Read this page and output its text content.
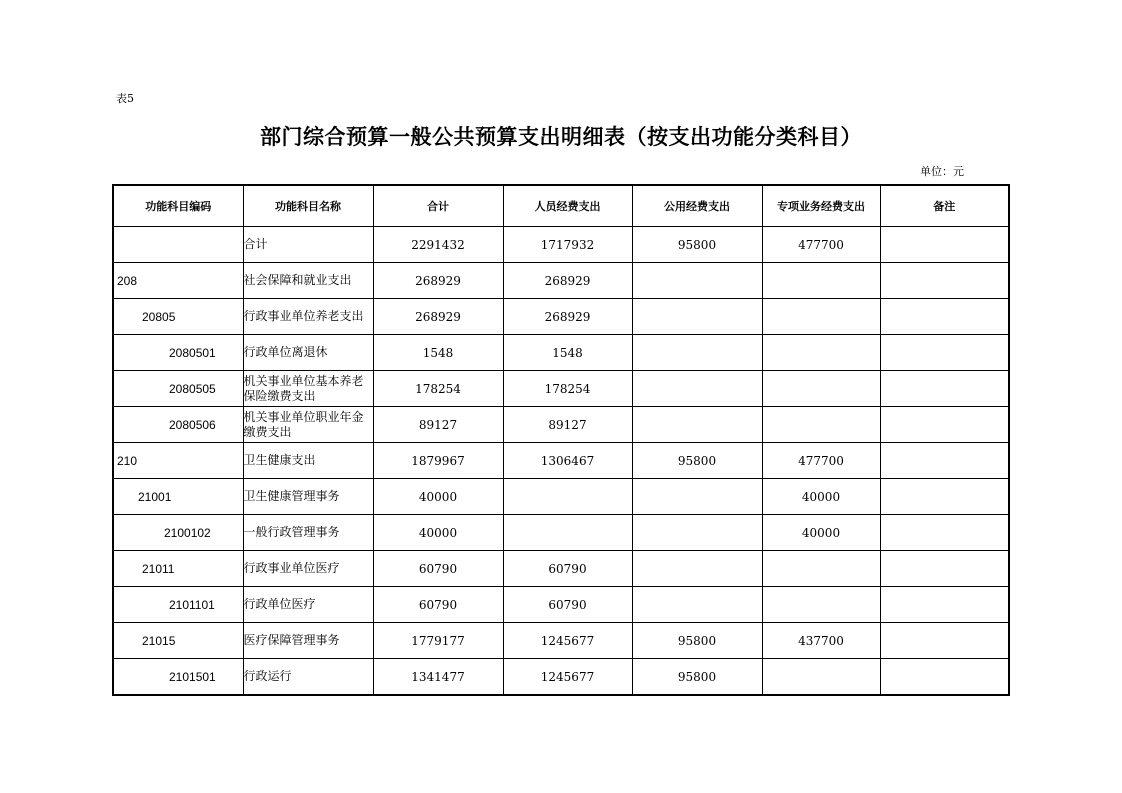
表5
部门综合预算一般公共预算支出明细表（按支出功能分类科目）
单位：元
功能科目编码	功能科目名称	合计	人员经费支出	公用经费支出	专项业务经费支出	备注
	合计	2291432	1717932	95800	477700	
208	社会保障和就业支出	268929	268929			
20805	行政事业单位养老支出	268929	268929			
2080501	行政单位离退休	1548	1548			
2080505	机关事业单位基本养老保险缴费支出	178254	178254			
2080506	机关事业单位职业年金缴费支出	89127	89127			
210	卫生健康支出	1879967	1306467	95800	477700	
21001	卫生健康管理事务	40000			40000	
2100102	一般行政管理事务	40000			40000	
21011	行政事业单位医疗	60790	60790			
2101101	行政单位医疗	60790	60790			
21015	医疗保障管理事务	1779177	1245677	95800	437700	
2101501	行政运行	1341477	1245677	95800		
